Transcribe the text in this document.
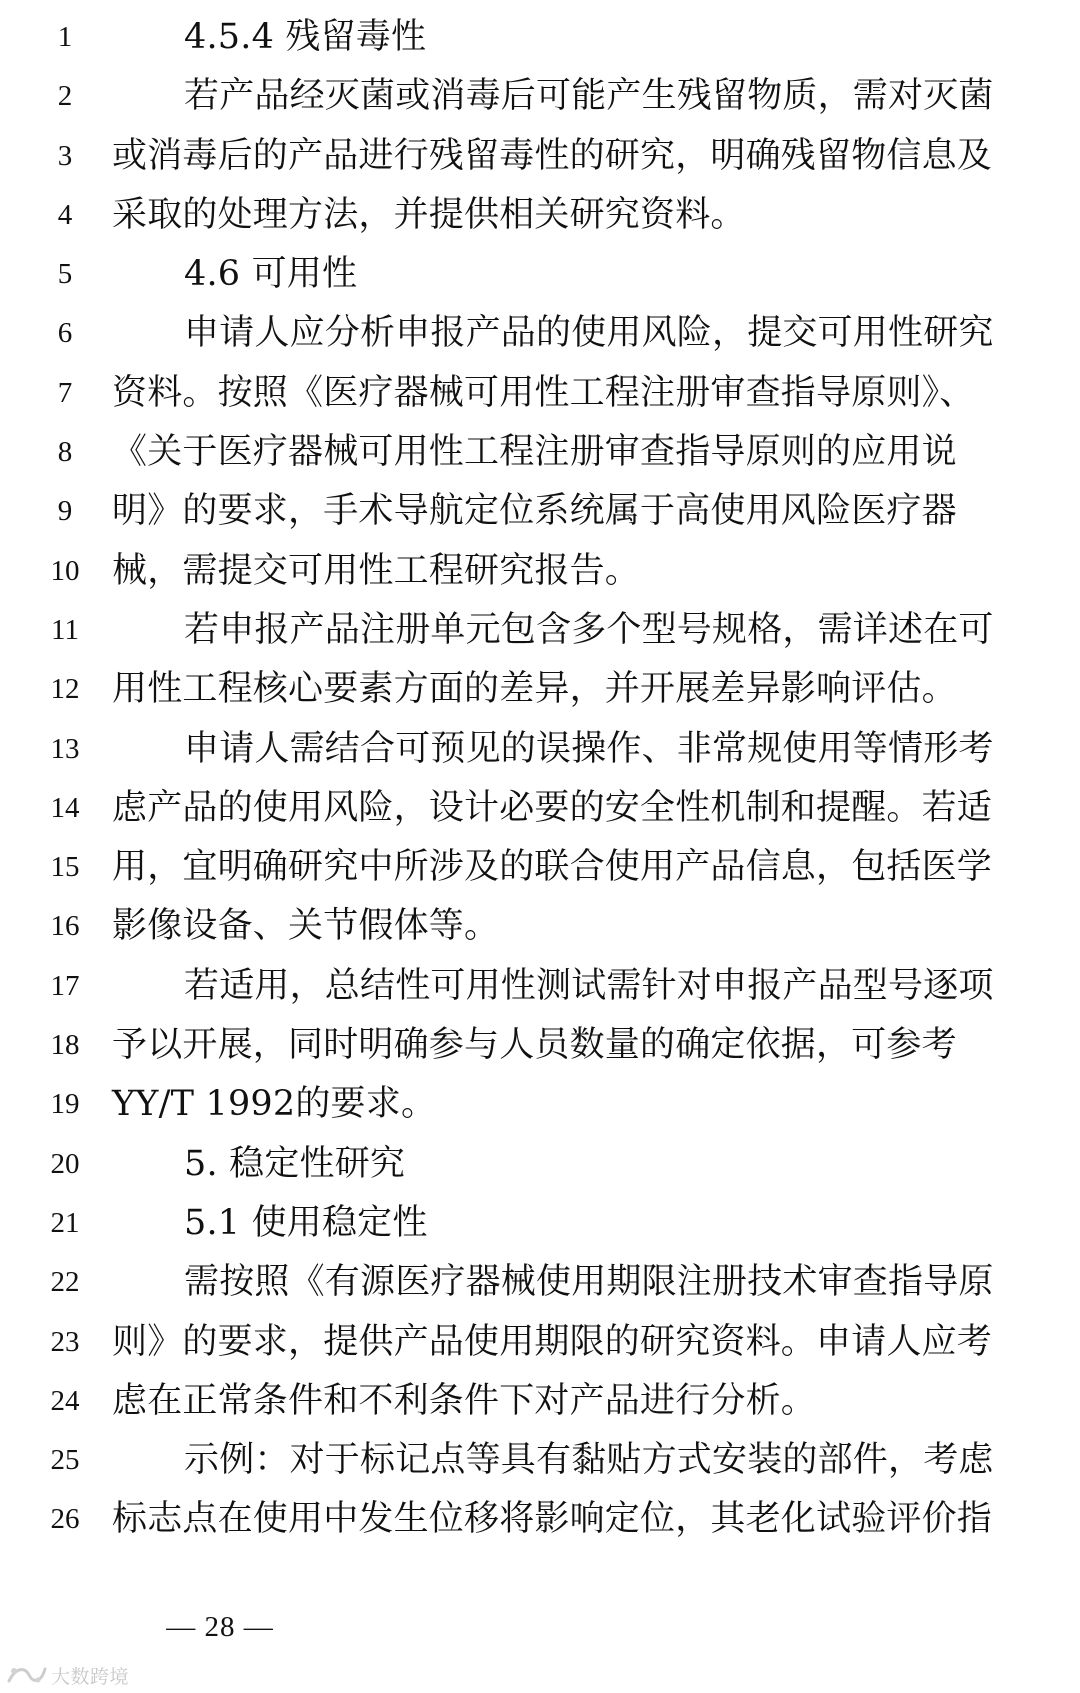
1	4.5.4 残留毒性
2	若产品经灭菌或消毒后可能产生残留物质，需对灭菌
3	或消毒后的产品进行残留毒性的研究，明确残留物信息及
4	采取的处理方法，并提供相关研究资料。
5	4.6 可用性
6	申请人应分析申报产品的使用风险，提交可用性研究
7	资料。按照《医疗器械可用性工程注册审查指导原则》、
8	《关于医疗器械可用性工程注册审查指导原则的应用说
9	明》的要求，手术导航定位系统属于高使用风险医疗器
10 械，需提交可用性工程研究报告。
11	若申报产品注册单元包含多个型号规格，需详述在可
12 用性工程核心要素方面的差异，并开展差异影响评估。
13	申请人需结合可预见的误操作、非常规使用等情形考
14 虑产品的使用风险，设计必要的安全性机制和提醒。若适
15 用，宜明确研究中所涉及的联合使用产品信息，包括医学
16 影像设备、关节假体等。
17	若适用，总结性可用性测试需针对申报产品型号逐项
18 予以开展，同时明确参与人员数量的确定依据，可参考
19 YY/T 1992的要求。
20	5. 稳定性研究
21	5.1 使用稳定性
22	需按照《有源医疗器械使用期限注册技术审查指导原
23 则》的要求，提供产品使用期限的研究资料。申请人应考
24 虑在正常条件和不利条件下对产品进行分析。
25	示例：对于标记点等具有黏贴方式安装的部件，考虑
26 标志点在使用中发生位移将影响定位，其老化试验评价指
— 28 —
大数跨境
